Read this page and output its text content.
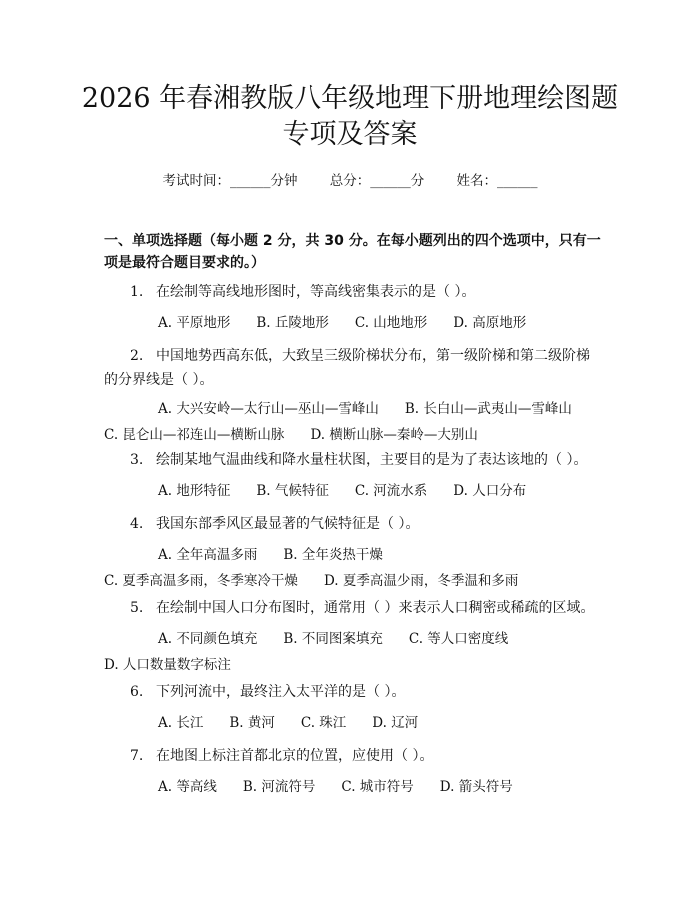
2026 年春湘教版八年级地理下册地理绘图题
专项及答案
考试时间：______分钟 总分：______分 姓名：______

一、单项选择题（每小题 2 分，共 30 分。在每小题列出的四个选项中，只有一项是最符合题目要求的。）

1. 在绘制等高线地形图时，等高线密集表示的是（ ）。
A. 平原地形 B. 丘陵地形 C. 山地地形 D. 高原地形
2. 中国地势西高东低，大致呈三级阶梯状分布，第一级阶梯和第二级阶梯的分界线是（ ）。
A. 大兴安岭—太行山—巫山—雪峰山 B. 长白山—武夷山—雪峰山C. 昆仑山—祁连山—横断山脉 D. 横断山脉—秦岭—大别山
3. 绘制某地气温曲线和降水量柱状图，主要目的是为了表达该地的（ ）。
A. 地形特征 B. 气候特征 C. 河流水系 D. 人口分布
4. 我国东部季风区最显著的气候特征是（ ）。
A. 全年高温多雨 B. 全年炎热干燥C. 夏季高温多雨，冬季寒冷干燥 D. 夏季高温少雨，冬季温和多雨
5. 在绘制中国人口分布图时，通常用（ ）来表示人口稠密或稀疏的区域。
A. 不同颜色填充 B. 不同图案填充 C. 等人口密度线D. 人口数量数字标注
6. 下列河流中，最终注入太平洋的是（ ）。
A. 长江 B. 黄河 C. 珠江 D. 辽河
7. 在地图上标注首都北京的位置，应使用（ ）。
A. 等高线 B. 河流符号 C. 城市符号 D. 箭头符号
